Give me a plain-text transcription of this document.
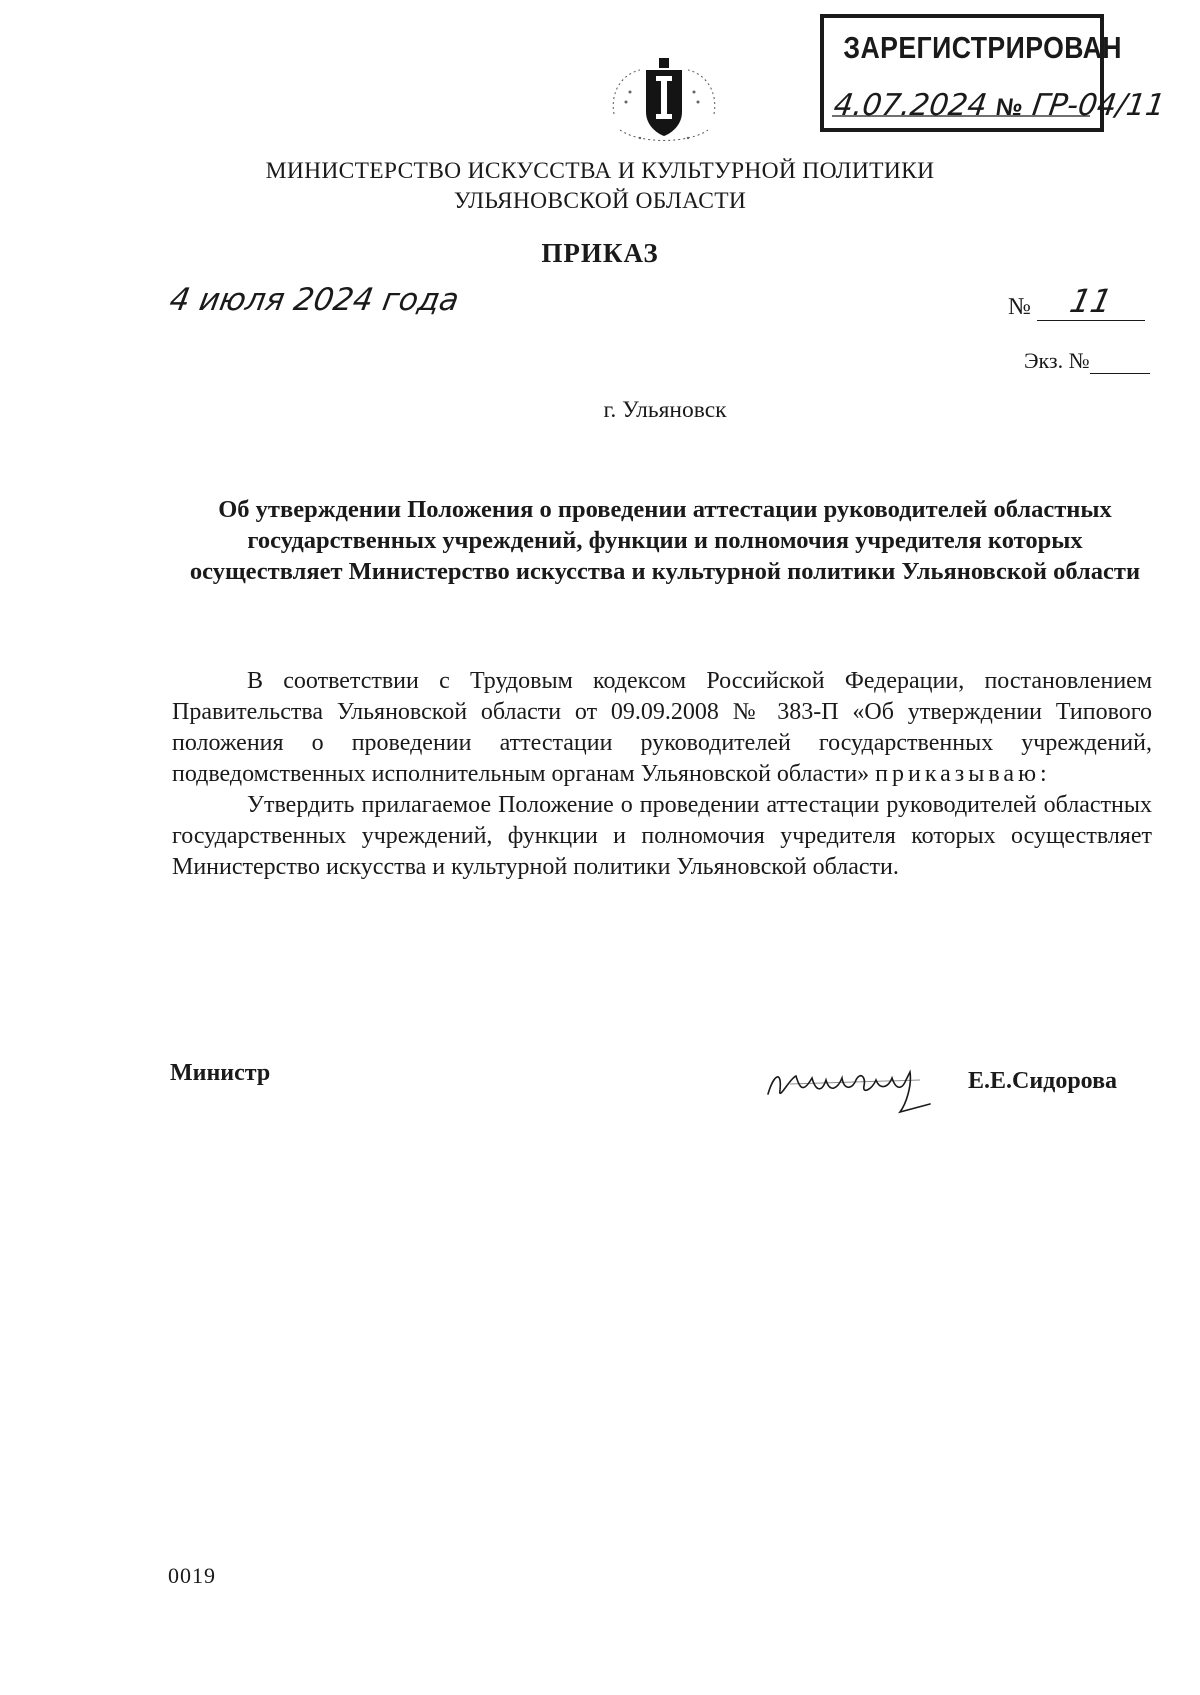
ЗАРЕГИСТРИРОВАН
4.07.2024 № ГР-04/11
МИНИСТЕРСТВО ИСКУССТВА И КУЛЬТУРНОЙ ПОЛИТИКИ
УЛЬЯНОВСКОЙ ОБЛАСТИ
ПРИКАЗ
4 июля 2024 года	№	11
Экз. №
г. Ульяновск
Об утверждении Положения о проведении аттестации руководителей областных государственных учреждений, функции и полномочия учредителя которых осуществляет Министерство искусства и культурной политики Ульяновской области

В соответствии с Трудовым кодексом Российской Федерации, постановлением Правительства Ульяновской области от 09.09.2008 № 383-П «Об утверждении Типового положения о проведении аттестации руководителей государственных учреждений, подведомственных исполнительным органам Ульяновской области» приказываю:

Утвердить прилагаемое Положение о проведении аттестации руководителей областных государственных учреждений, функции и полномочия учредителя которых осуществляет Министерство искусства и культурной политики Ульяновской области.

Министр	Е.Е.Сидорова
0019
